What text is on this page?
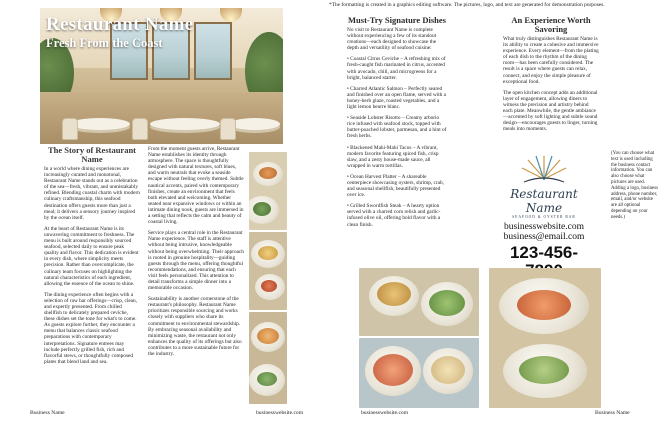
Restaurant Name
Fresh From the Coast
The Story of Restaurant Name

In a world where dining experiences are increasingly curated and monotonal, Restaurant Name stands out as a celebration of the sea—fresh, vibrant, and unmistakably refined. Blending coastal charm with modern culinary craftsmanship, this seafood destination offers guests more than just a meal; it delivers a sensory journey inspired by the ocean itself.

At the heart of Restaurant Name is its unwavering commitment to freshness. The menu is built around responsibly sourced seafood, selected daily to ensure peak quality and flavor. This dedication is evident in every dish, where simplicity meets precision. Rather than overcomplicate, the culinary team focuses on highlighting the natural characteristics of each ingredient, allowing the essence of the ocean to shine.

The dining experience often begins with a selection of raw bar offerings—crisp, clean, and expertly presented. From chilled shellfish to delicately prepared ceviche, these dishes set the tone for what's to come. As guests explore further, they encounter a menu that balances classic seafood preparations with contemporary interpretations. Signature entrees may include perfectly grilled fish, rich and flavorful stews, or thoughtfully composed plates that blend land and sea.

From the moment guests arrive, Restaurant Name establishes its identity through atmosphere. The space is thoughtfully designed with natural textures, soft blues, and warm neutrals that evoke a seaside escape without feeling overly themed. Subtle nautical accents, paired with contemporary finishes, create an environment that feels both elevated and welcoming. Whether seated near expansive windows or within an intimate dining nook, guests are immersed in a setting that reflects the calm and beauty of coastal living.

Service plays a central role in the Restaurant Name experience. The staff is attentive without being intrusive, knowledgeable without being overwhelming. Their approach is rooted in genuine hospitality—guiding guests through the menu, offering thoughtful recommendations, and ensuring that each visit feels personalized. This attention to detail transforms a simple dinner into a memorable occasion.

Sustainability is another cornerstone of the restaurant's philosophy. Restaurant Name prioritizes responsible sourcing and works closely with suppliers who share its commitment to environmental stewardship. By embracing seasonal availability and minimizing waste, the restaurant not only enhances the quality of its offerings but also contributes to a more sustainable future for the industry.

Business Name	businesswebsite.com
*The formatting is created in a graphics editing software. The pictures, logo, and text are generated for demonstration purposes.
Must-Try Signature Dishes

No visit to Restaurant Name is complete without experiencing a few of its standout creations—each designed to showcase the depth and versatility of seafood cuisine:

• Coastal Citrus Ceviche – A refreshing mix of fresh-caught fish marinated in citrus, accented with avocado, chili, and microgreens for a bright, balanced starter.

• Charred Atlantic Salmon – Perfectly seared and finished over an open flame, served with a honey-herb glaze, roasted vegetables, and a light lemon beurre blanc.

• Seaside Lobster Risotto – Creamy arborio rice infused with seafood stock, topped with butter-poached lobster, parmesan, and a hint of fresh herbs.

• Blackened Mahi-Mahi Tacos – A vibrant, modern favorite featuring spiced fish, crisp slaw, and a zesty house-made sauce, all wrapped in warm tortillas.

• Ocean Harvest Platter – A shareable centerpiece showcasing oysters, shrimp, crab, and seasonal shellfish, beautifully presented over ice.

• Grilled Swordfish Steak – A hearty option served with a charred corn relish and garlic-infused olive oil, offering bold flavor with a clean finish.

An Experience Worth Savoring

What truly distinguishes Restaurant Name is its ability to create a cohesive and immersive experience. Every element—from the plating of each dish to the rhythm of the dining room—has been carefully considered. The result is a space where guests can relax, connect, and enjoy the simple pleasure of exceptional food.

The open kitchen concept adds an additional layer of engagement, allowing diners to witness the precision and artistry behind each plate. Meanwhile, the gentle ambiance—accented by soft lighting and subtle sound design—encourages guests to linger, turning meals into moments.

Restaurant Name
SEAFOOD & OYSTER BAR
businesswebsite.com
business@email.com
123-456-
(You can choose what text is used including the business contact information. You can also choose what pictures are used. Adding a logo, business address, phone number, email, and/or website are all optional depending on your needs.)
businesswebsite.com	Business Name
